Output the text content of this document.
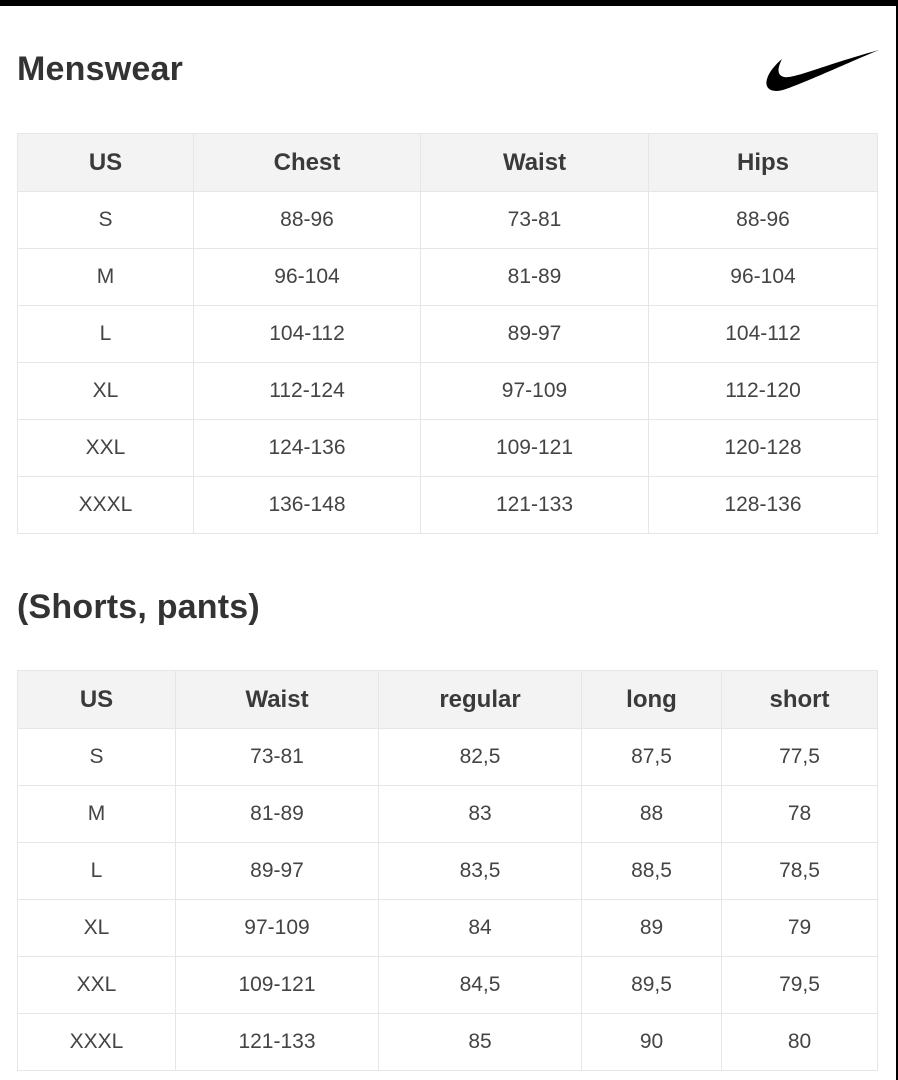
Menswear
US	Chest	Waist	Hips
S	88-96	73-81	88-96
M	96-104	81-89	96-104
L	104-112	89-97	104-112
XL	112-124	97-109	112-120
XXL	124-136	109-121	120-128
XXXL	136-148	121-133	128-136
(Shorts, pants)
US	Waist	regular	long	short
S	73-81	82,5	87,5	77,5
M	81-89	83	88	78
L	89-97	83,5	88,5	78,5
XL	97-109	84	89	79
XXL	109-121	84,5	89,5	79,5
XXXL	121-133	85	90	80
